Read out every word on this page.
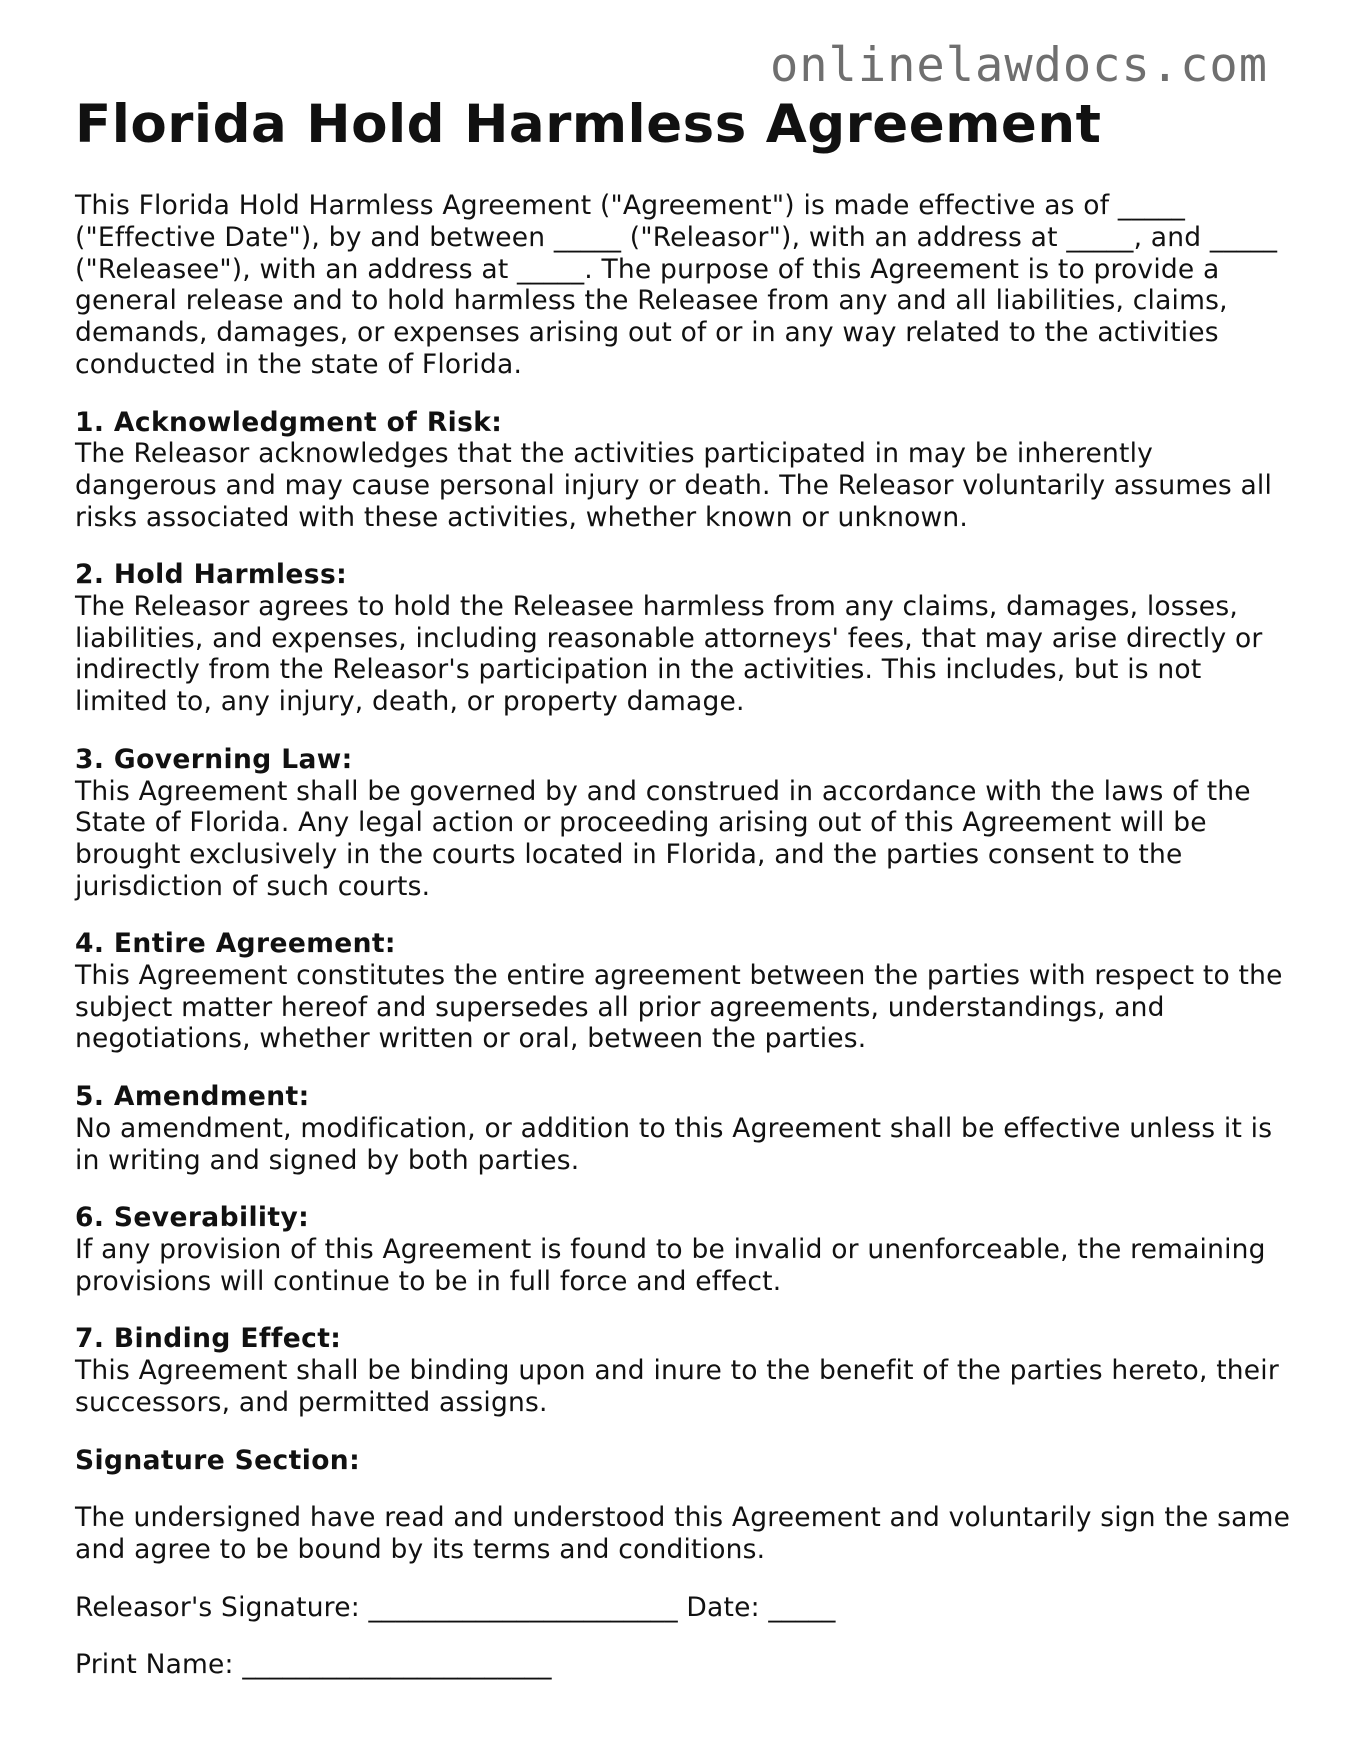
onlinelawdocs.com
Florida Hold Harmless Agreement

This Florida Hold Harmless Agreement ("Agreement") is made effective as of _____ ("Effective Date"), by and between _____ ("Releasor"), with an address at _____, and _____ ("Releasee"), with an address at _____. The purpose of this Agreement is to provide a general release and to hold harmless the Releasee from any and all liabilities, claims, demands, damages, or expenses arising out of or in any way related to the activities conducted in the state of Florida.

1. Acknowledgment of Risk:

The Releasor acknowledges that the activities participated in may be inherently dangerous and may cause personal injury or death. The Releasor voluntarily assumes all risks associated with these activities, whether known or unknown.

2. Hold Harmless:

The Releasor agrees to hold the Releasee harmless from any claims, damages, losses, liabilities, and expenses, including reasonable attorneys' fees, that may arise directly or indirectly from the Releasor's participation in the activities. This includes, but is not limited to, any injury, death, or property damage.

3. Governing Law:

This Agreement shall be governed by and construed in accordance with the laws of the State of Florida. Any legal action or proceeding arising out of this Agreement will be brought exclusively in the courts located in Florida, and the parties consent to the jurisdiction of such courts.

4. Entire Agreement:

This Agreement constitutes the entire agreement between the parties with respect to the subject matter hereof and supersedes all prior agreements, understandings, and negotiations, whether written or oral, between the parties.

5. Amendment:

No amendment, modification, or addition to this Agreement shall be effective unless it is in writing and signed by both parties.

6. Severability:

If any provision of this Agreement is found to be invalid or unenforceable, the remaining provisions will continue to be in full force and effect.

7. Binding Effect:

This Agreement shall be binding upon and inure to the benefit of the parties hereto, their successors, and permitted assigns.

Signature Section:

The undersigned have read and understood this Agreement and voluntarily sign the same and agree to be bound by its terms and conditions.

Releasor's Signature: _______________________ Date: _____

Print Name: _______________________
